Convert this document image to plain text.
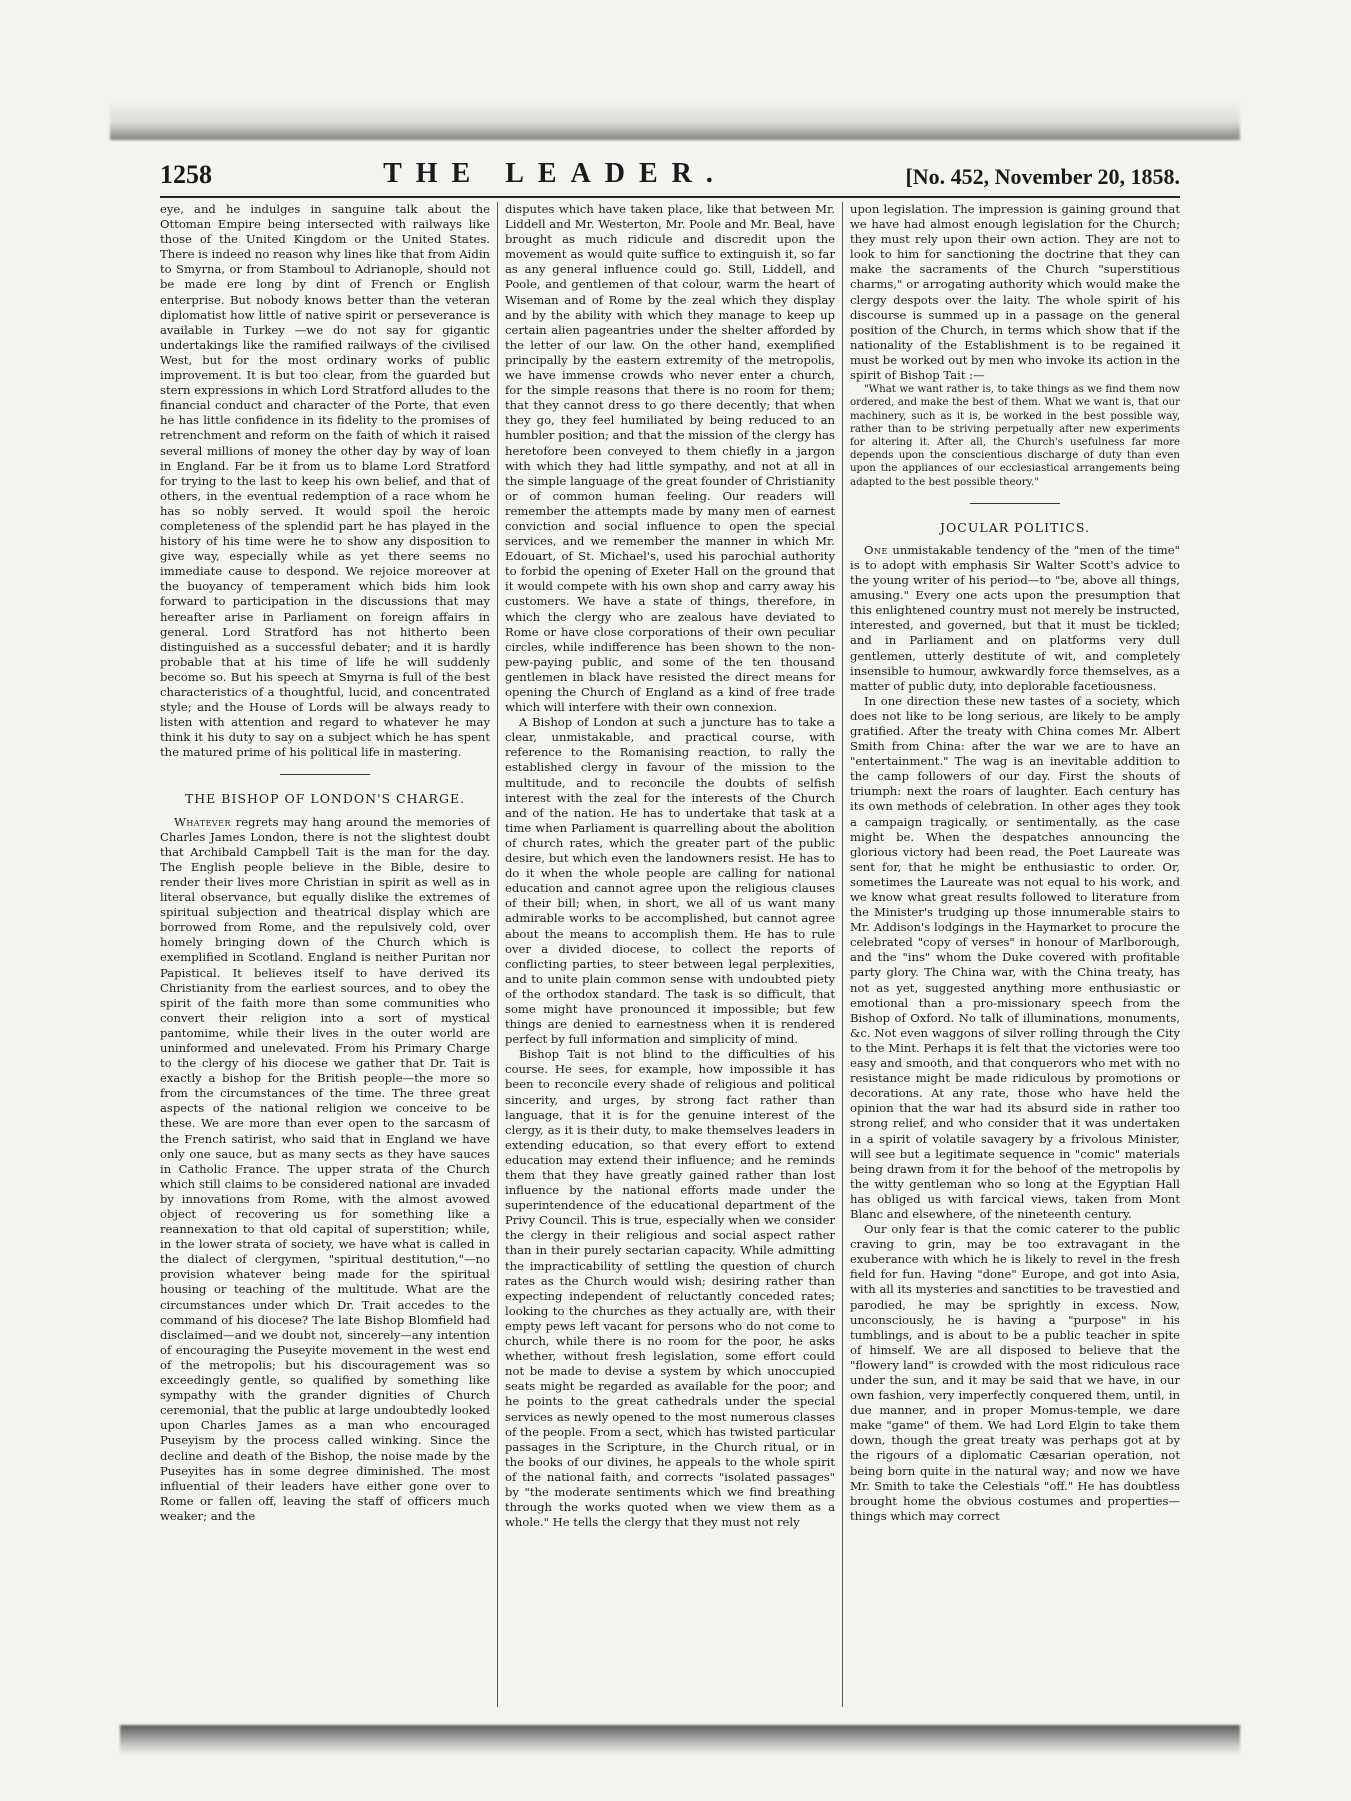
1258	THE LEADER.	[No. 452, November 20, 1858.

eye, and he indulges in sanguine talk about the Ottoman Empire being intersected with railways like those of the United Kingdom or the United States. There is indeed no reason why lines like that from Aidin to Smyrna, or from Stamboul to Adrianople, should not be made ere long by dint of French or English enterprise. But nobody knows better than the veteran diplomatist how little of native spirit or perseverance is available in Turkey —we do not say for gigantic undertakings like the ramified railways of the civilised West, but for the most ordinary works of public improvement. It is but too clear, from the guarded but stern expressions in which Lord Stratford alludes to the financial conduct and character of the Porte, that even he has little confidence in its fidelity to the promises of retrenchment and reform on the faith of which it raised several millions of money the other day by way of loan in England. Far be it from us to blame Lord Stratford for trying to the last to keep his own belief, and that of others, in the eventual redemption of a race whom he has so nobly served. It would spoil the heroic completeness of the splendid part he has played in the history of his time were he to show any disposition to give way, especially while as yet there seems no immediate cause to despond. We rejoice moreover at the buoyancy of temperament which bids him look forward to participation in the discussions that may hereafter arise in Parliament on foreign affairs in general. Lord Stratford has not hitherto been distinguished as a successful debater; and it is hardly probable that at his time of life he will suddenly become so. But his speech at Smyrna is full of the best characteristics of a thoughtful, lucid, and concentrated style; and the House of Lords will be always ready to listen with attention and regard to whatever he may think it his duty to say on a subject which he has spent the matured prime of his political life in mastering.

THE BISHOP OF LONDON'S CHARGE.

Whatever regrets may hang around the memories of Charles James London, there is not the slightest doubt that Archibald Campbell Tait is the man for the day. The English people believe in the Bible, desire to render their lives more Christian in spirit as well as in literal observance, but equally dislike the extremes of spiritual subjection and theatrical display which are borrowed from Rome, and the repulsively cold, over homely bringing down of the Church which is exemplified in Scotland. England is neither Puritan nor Papistical. It believes itself to have derived its Christianity from the earliest sources, and to obey the spirit of the faith more than some communities who convert their religion into a sort of mystical pantomime, while their lives in the outer world are uninformed and unelevated. From his Primary Charge to the clergy of his diocese we gather that Dr. Tait is exactly a bishop for the British people—the more so from the circumstances of the time. The three great aspects of the national religion we conceive to be these. We are more than ever open to the sarcasm of the French satirist, who said that in England we have only one sauce, but as many sects as they have sauces in Catholic France. The upper strata of the Church which still claims to be considered national are invaded by innovations from Rome, with the almost avowed object of recovering us for something like a reannexation to that old capital of superstition; while, in the lower strata of society, we have what is called in the dialect of clergymen, "spiritual destitution,"—no provision whatever being made for the spiritual housing or teaching of the multitude. What are the circumstances under which Dr. Trait accedes to the command of his diocese? The late Bishop Blomfield had disclaimed—and we doubt not, sincerely—any intention of encouraging the Puseyite movement in the west end of the metropolis; but his discouragement was so exceedingly gentle, so qualified by something like sympathy with the grander dignities of Church ceremonial, that the public at large undoubtedly looked upon Charles James as a man who encouraged Puseyism by the process called winking. Since the decline and death of the Bishop, the noise made by the Puseyites has in some degree diminished. The most influential of their leaders have either gone over to Rome or fallen off, leaving the staff of officers much weaker; and the

disputes which have taken place, like that between Mr. Liddell and Mr. Westerton, Mr. Poole and Mr. Beal, have brought as much ridicule and discredit upon the movement as would quite suffice to extinguish it, so far as any general influence could go. Still, Liddell, and Poole, and gentlemen of that colour, warm the heart of Wiseman and of Rome by the zeal which they display and by the ability with which they manage to keep up certain alien pageantries under the shelter afforded by the letter of our law. On the other hand, exemplified principally by the eastern extremity of the metropolis, we have immense crowds who never enter a church, for the simple reasons that there is no room for them; that they cannot dress to go there decently; that when they go, they feel humiliated by being reduced to an humbler position; and that the mission of the clergy has heretofore been conveyed to them chiefly in a jargon with which they had little sympathy, and not at all in the simple language of the great founder of Christianity or of common human feeling. Our readers will remember the attempts made by many men of earnest conviction and social influence to open the special services, and we remember the manner in which Mr. Edouart, of St. Michael's, used his parochial authority to forbid the opening of Exeter Hall on the ground that it would compete with his own shop and carry away his customers. We have a state of things, therefore, in which the clergy who are zealous have deviated to Rome or have close corporations of their own peculiar circles, while indifference has been shown to the non-pew-paying public, and some of the ten thousand gentlemen in black have resisted the direct means for opening the Church of England as a kind of free trade which will interfere with their own connexion.

A Bishop of London at such a juncture has to take a clear, unmistakable, and practical course, with reference to the Romanising reaction, to rally the established clergy in favour of the mission to the multitude, and to reconcile the doubts of selfish interest with the zeal for the interests of the Church and of the nation. He has to undertake that task at a time when Parliament is quarrelling about the abolition of church rates, which the greater part of the public desire, but which even the landowners resist. He has to do it when the whole people are calling for national education and cannot agree upon the religious clauses of their bill; when, in short, we all of us want many admirable works to be accomplished, but cannot agree about the means to accomplish them. He has to rule over a divided diocese, to collect the reports of conflicting parties, to steer between legal perplexities, and to unite plain common sense with undoubted piety of the orthodox standard. The task is so difficult, that some might have pronounced it impossible; but few things are denied to earnestness when it is rendered perfect by full information and simplicity of mind.

Bishop Tait is not blind to the difficulties of his course. He sees, for example, how impossible it has been to reconcile every shade of religious and political sincerity, and urges, by strong fact rather than language, that it is for the genuine interest of the clergy, as it is their duty, to make themselves leaders in extending education, so that every effort to extend education may extend their influence; and he reminds them that they have greatly gained rather than lost influence by the national efforts made under the superintendence of the educational department of the Privy Council. This is true, especially when we consider the clergy in their religious and social aspect rather than in their purely sectarian capacity. While admitting the impracticability of settling the question of church rates as the Church would wish; desiring rather than expecting independent of reluctantly conceded rates; looking to the churches as they actually are, with their empty pews left vacant for persons who do not come to church, while there is no room for the poor, he asks whether, without fresh legislation, some effort could not be made to devise a system by which unoccupied seats might be regarded as available for the poor; and he points to the great cathedrals under the special services as newly opened to the most numerous classes of the people. From a sect, which has twisted particular passages in the Scripture, in the Church ritual, or in the books of our divines, he appeals to the whole spirit of the national faith, and corrects "isolated passages" by "the moderate sentiments which we find breathing through the works quoted when we view them as a whole." He tells the clergy that they must not rely

upon legislation. The impression is gaining ground that we have had almost enough legislation for the Church; they must rely upon their own action. They are not to look to him for sanctioning the doctrine that they can make the sacraments of the Church "superstitious charms," or arrogating authority which would make the clergy despots over the laity. The whole spirit of his discourse is summed up in a passage on the general position of the Church, in terms which show that if the nationality of the Establishment is to be regained it must be worked out by men who invoke its action in the spirit of Bishop Tait :—

"What we want rather is, to take things as we find them now ordered, and make the best of them. What we want is, that our machinery, such as it is, be worked in the best possible way, rather than to be striving perpetually after new experiments for altering it. After all, the Church's usefulness far more depends upon the conscientious discharge of duty than even upon the appliances of our ecclesiastical arrangements being adapted to the best possible theory."

JOCULAR POLITICS.

One unmistakable tendency of the "men of the time" is to adopt with emphasis Sir Walter Scott's advice to the young writer of his period—to "be, above all things, amusing." Every one acts upon the presumption that this enlightened country must not merely be instructed, interested, and governed, but that it must be tickled; and in Parliament and on platforms very dull gentlemen, utterly destitute of wit, and completely insensible to humour, awkwardly force themselves, as a matter of public duty, into deplorable facetiousness.

In one direction these new tastes of a society, which does not like to be long serious, are likely to be amply gratified. After the treaty with China comes Mr. Albert Smith from China: after the war we are to have an "entertainment." The wag is an inevitable addition to the camp followers of our day. First the shouts of triumph: next the roars of laughter. Each century has its own methods of celebration. In other ages they took a campaign tragically, or sentimentally, as the case might be. When the despatches announcing the glorious victory had been read, the Poet Laureate was sent for, that he might be enthusiastic to order. Or, sometimes the Laureate was not equal to his work, and we know what great results followed to literature from the Minister's trudging up those innumerable stairs to Mr. Addison's lodgings in the Haymarket to procure the celebrated "copy of verses" in honour of Marlborough, and the "ins" whom the Duke covered with profitable party glory. The China war, with the China treaty, has not as yet, suggested anything more enthusiastic or emotional than a pro-missionary speech from the Bishop of Oxford. No talk of illuminations, monuments, &c. Not even waggons of silver rolling through the City to the Mint. Perhaps it is felt that the victories were too easy and smooth, and that conquerors who met with no resistance might be made ridiculous by promotions or decorations. At any rate, those who have held the opinion that the war had its absurd side in rather too strong relief, and who consider that it was undertaken in a spirit of volatile savagery by a frivolous Minister, will see but a legitimate sequence in "comic" materials being drawn from it for the behoof of the metropolis by the witty gentleman who so long at the Egyptian Hall has obliged us with farcical views, taken from Mont Blanc and elsewhere, of the nineteenth century.

Our only fear is that the comic caterer to the public craving to grin, may be too extravagant in the exuberance with which he is likely to revel in the fresh field for fun. Having "done" Europe, and got into Asia, with all its mysteries and sanctities to be travestied and parodied, he may be sprightly in excess. Now, unconsciously, he is having a "purpose" in his tumblings, and is about to be a public teacher in spite of himself. We are all disposed to believe that the "flowery land" is crowded with the most ridiculous race under the sun, and it may be said that we have, in our own fashion, very imperfectly conquered them, until, in due manner, and in proper Momus-temple, we dare make "game" of them. We had Lord Elgin to take them down, though the great treaty was perhaps got at by the rigours of a diplomatic Cæsarian operation, not being born quite in the natural way; and now we have Mr. Smith to take the Celestials "off." He has doubtless brought home the obvious costumes and properties—things which may correct
